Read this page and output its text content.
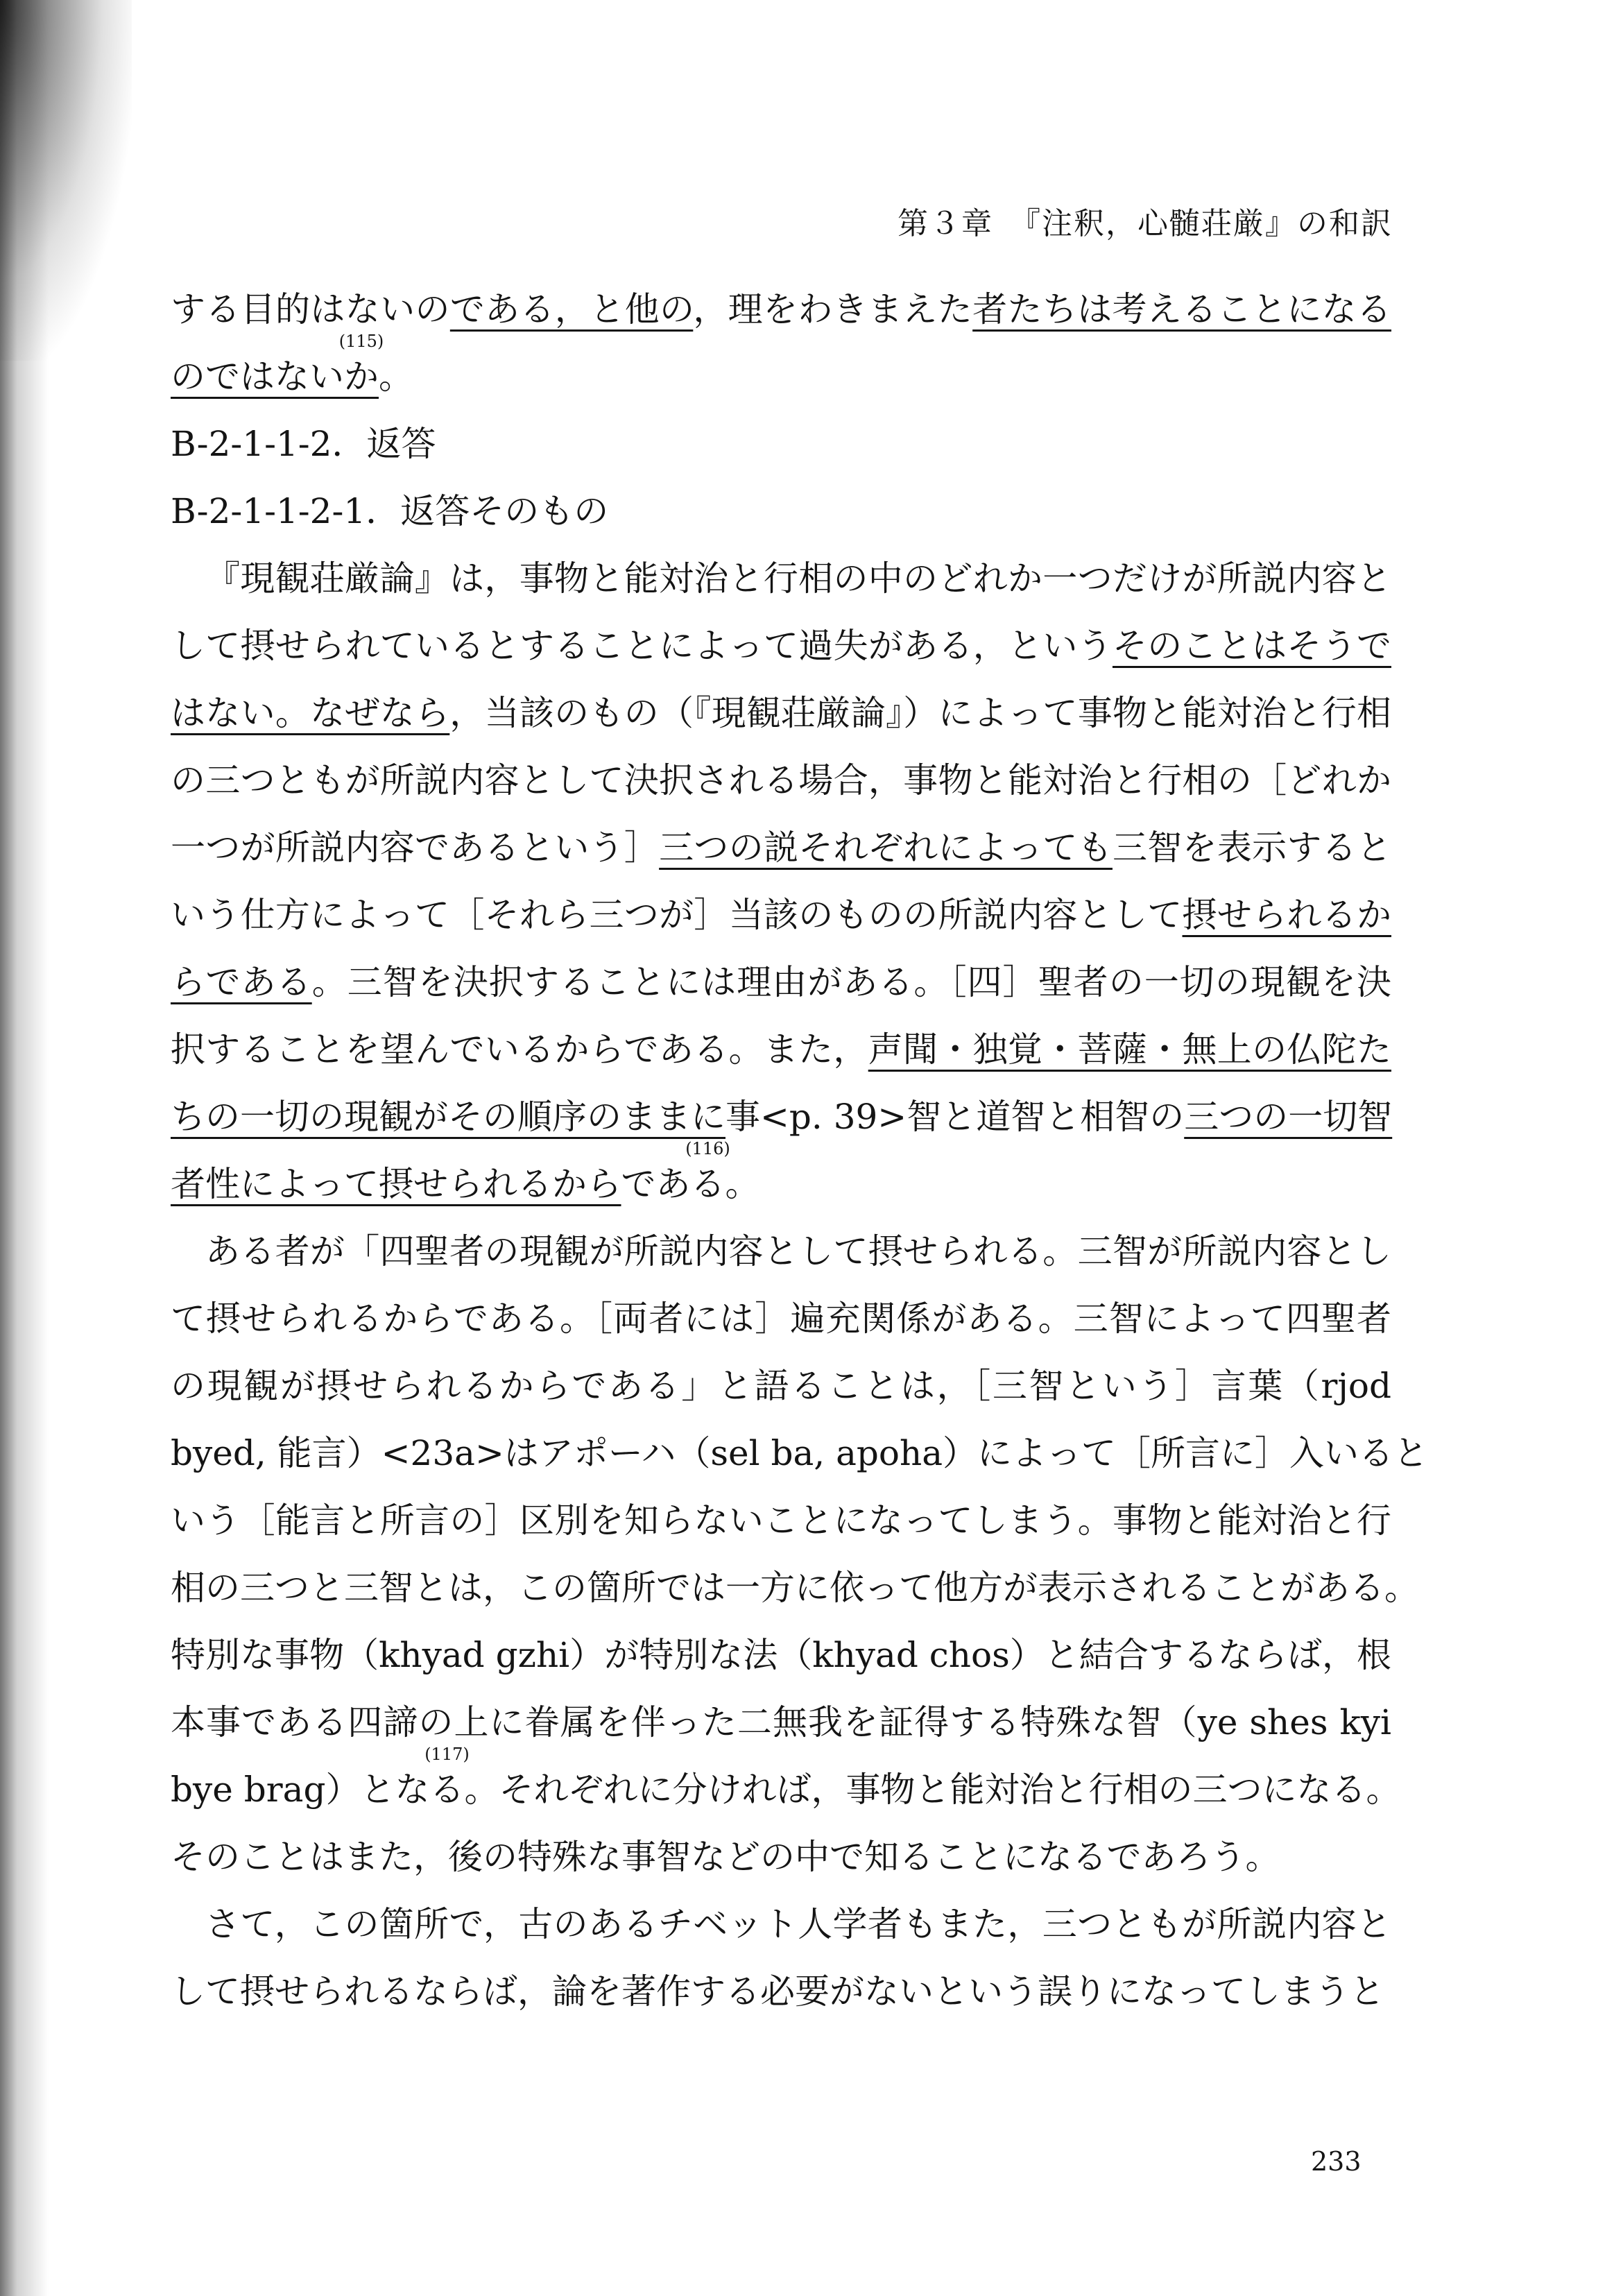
第３章　『注釈，心髄荘厳』の和訳
する目的はないのである，と他の，理をわきまえた者たちは考えることになる
のではないか
(115)
。
B-2-1-1-2．返答
B-2-1-1-2-1．返答そのもの
『現観荘厳論』は，事物と能対治と行相の中のどれか一つだけが所説内容と
して摂せられているとすることによって過失がある，というそのことはそうで
はない。なぜなら，当該のもの（『現観荘厳論』）によって事物と能対治と行相
の三つともが所説内容として決択される場合，事物と能対治と行相の［どれか
一つが所説内容であるという］三つの説それぞれによっても三智を表示すると
いう仕方によって［それら三つが］当該のものの所説内容として摂せられるか
らである。三智を決択することには理由がある。［四］聖者の一切の現観を決
択することを望んでいるからである。また，声聞・独覚・菩薩・無上の仏陀た
ちの一切の現観がその順序のままに事<p. 39>智と道智と相智の三つの一切智
者性によって摂せられるからである
(116)
。
ある者が「四聖者の現観が所説内容として摂せられる。三智が所説内容とし
て摂せられるからである。［両者には］遍充関係がある。三智によって四聖者
の現観が摂せられるからである」と語ることは，［三智という］言葉（rjod
byed, 能言）<23a>はアポーハ（sel ba, apoha）によって［所言に］入いると
いう［能言と所言の］区別を知らないことになってしまう。事物と能対治と行
相の三つと三智とは，この箇所では一方に依って他方が表示されることがある。
特別な事物（khyad gzhi）が特別な法（khyad chos）と結合するならば，根
本事である四諦の上に眷属を伴った二無我を証得する特殊な智（ye shes kyi
bye brag）となる
(117)
。それぞれに分ければ，事物と能対治と行相の三つになる。
そのことはまた，後の特殊な事智などの中で知ることになるであろう。
さて，この箇所で，古のあるチベット人学者もまた，三つともが所説内容と
して摂せられるならば，論を著作する必要がないという誤りになってしまうと
233
